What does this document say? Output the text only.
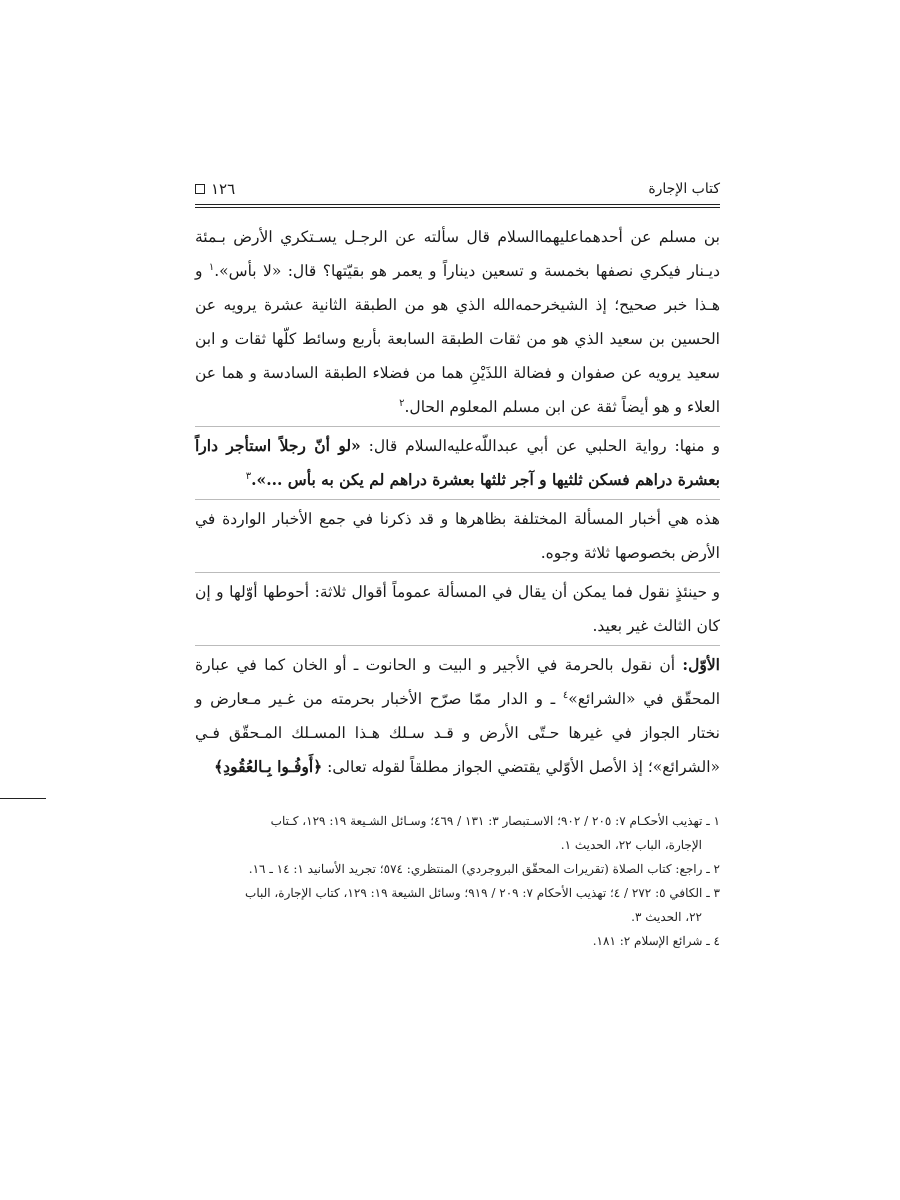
كتاب الإجارة
١٢٦

بن مسلم عن أحدهماعليهماالسلام قال سألته عن الرجـل يسـتكري الأرض بـمئة ديـنار فيكري نصفها بخمسة و تسعين ديناراً و يعمر هو بقيّتها؟ قال: «لا بأس».$^١$ و هـذا خبر صحيح؛ إذ الشيخرحمه‌الله الذي هو من الطبقة الثانية عشرة يرويه عن الحسين بن سعيد الذي هو من ثقات الطبقة السابعة بأربع وسائط كلّها ثقات و ابن سعيد يرويه عن صفوان و فضالة اللذَيْنِ هما من فضلاء الطبقة السادسة و هما عن العلاء و هو أيضاً ثقة عن ابن مسلم المعلوم الحال.$^٢$

و منها: رواية الحلبي عن أبي عبداللّه‌عليه‌السلام قال: «لو أنّ رجلاً استأجر داراً بعشرة دراهم فسكن ثلثيها و آجر ثلثها بعشرة دراهم لم يكن به بأس ...».$^٣$

هذه هي أخبار المسألة المختلفة بظاهرها و قد ذكرنا في جمع الأخبار الواردة في الأرض بخصوصها ثلاثة وجوه.

و حينئذٍ نقول فما يمكن أن يقال في المسألة عموماً أقوال ثلاثة: أحوطها أوّلها و إن كان الثالث غير بعيد.

الأوّل: أن نقول بالحرمة في الأجير و البيت و الحانوت ـ أو الخان كما في عبارة المحقّق في «الشرائع»$^٤$ ـ و الدار ممّا صرّح الأخبار بحرمته من غـير مـعارض و نختار الجواز في غيرها حـتّى الأرض و قـد سـلك هـذا المسـلك المـحقّق فـي «الشرائع»؛ إذ الأصل الأوّلي يقتضي الجواز مطلقاً لقوله تعالى: ﴿أَوفُـوا بِـالعُقُودِ﴾

١ ـ تهذيب الأحكـام ٧: ٢٠٥ / ٩٠٢؛ الاسـتبصار ٣: ١٣١ / ٤٦٩؛ وسـائل الشـيعة ١٩: ١٢٩، كـتاب
الإجارة، الباب ٢٢، الحديث ١.
٢ ـ راجع: كتاب الصلاة (تقريرات المحقّق البروجردي) المنتظري: ٥٧٤؛ تجريد الأسانيد ١: ١٤ ـ ١٦.
٣ ـ الكافي ٥: ٢٧٢ / ٤؛ تهذيب الأحكام ٧: ٢٠٩ / ٩١٩؛ وسائل الشيعة ١٩: ١٢٩، كتاب الإجارة، الباب
٢٢، الحديث ٣.
٤ ـ شرائع الإسلام ٢: ١٨١.
